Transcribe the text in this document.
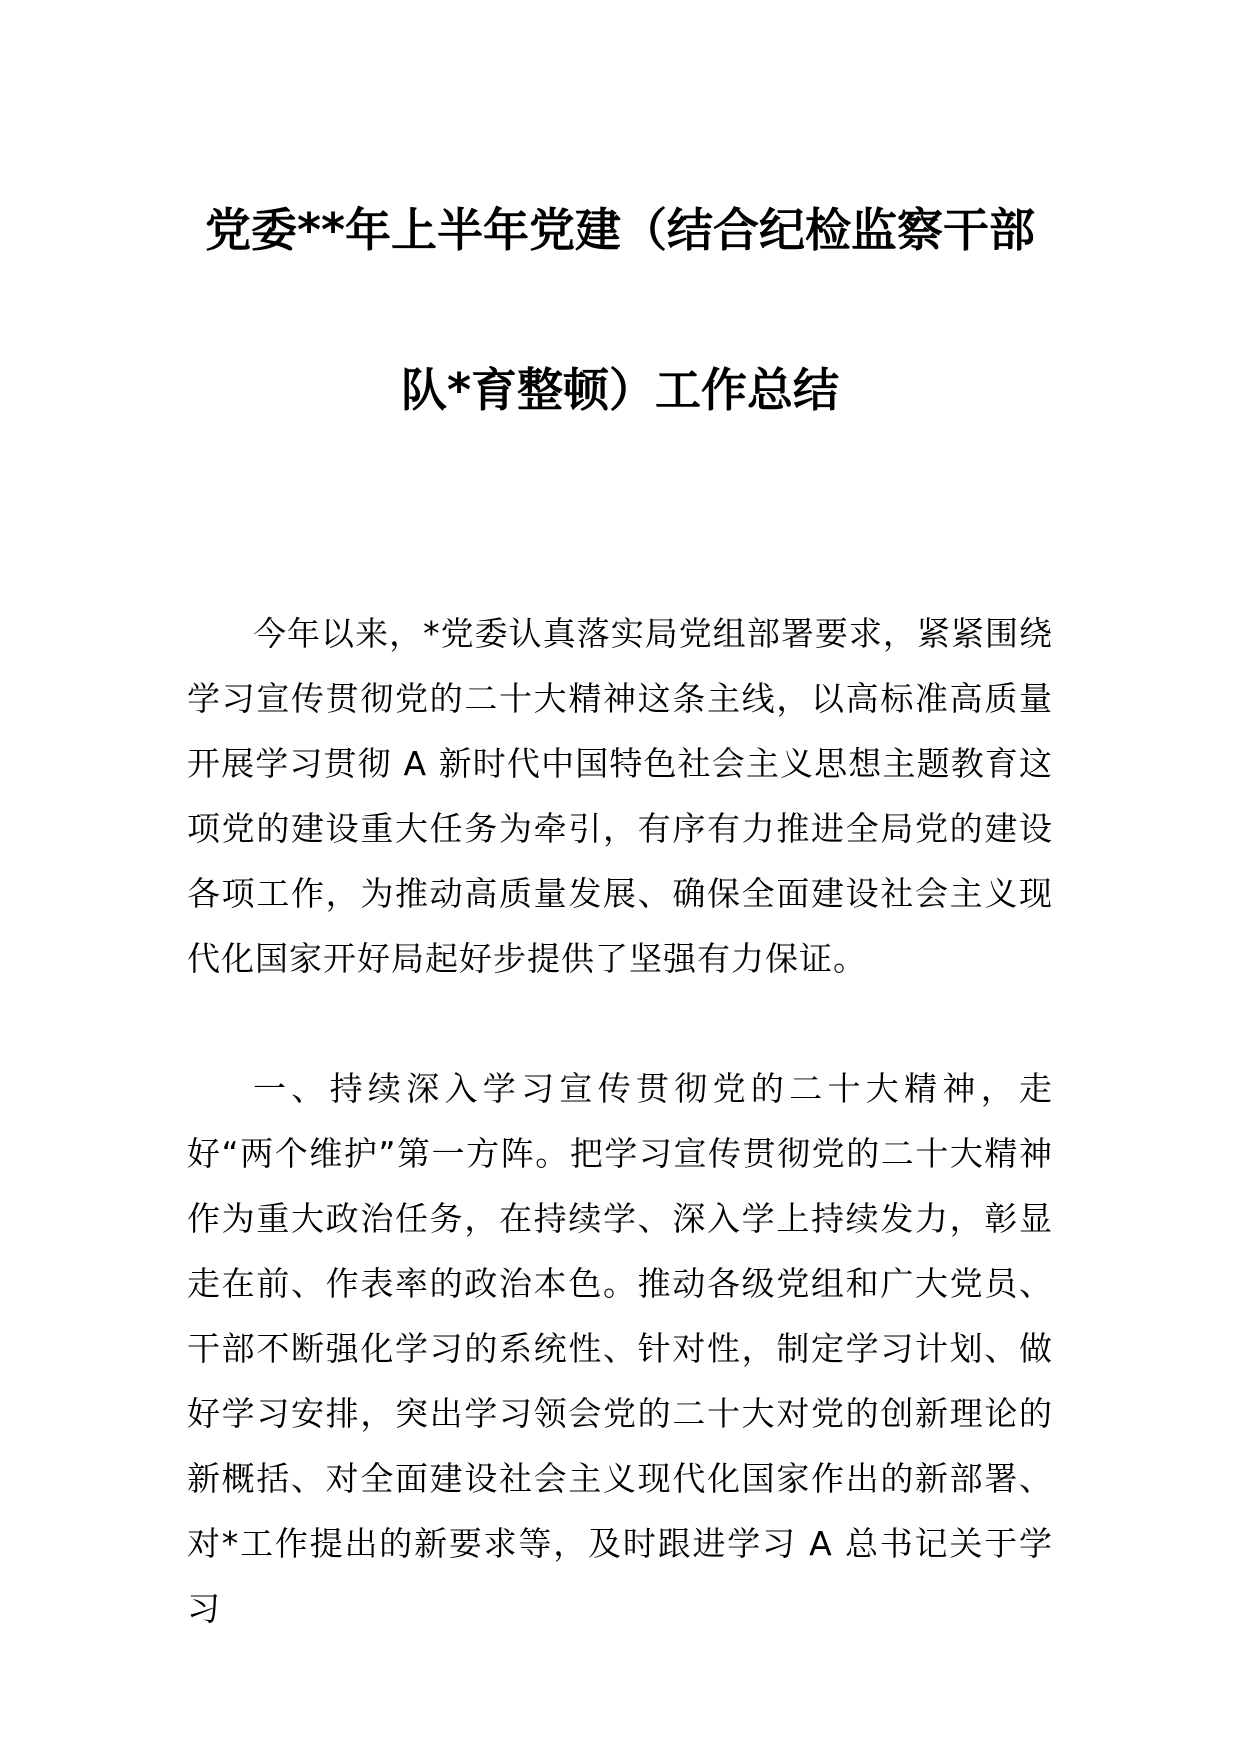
党委**年上半年党建（结合纪检监察干部
队*育整顿）工作总结

今年以来，*党委认真落实局党组部署要求，紧紧围绕学习宣传贯彻党的二十大精神这条主线，以高标准高质量开展学习贯彻 A 新时代中国特色社会主义思想主题教育这项党的建设重大任务为牵引，有序有力推进全局党的建设各项工作，为推动高质量发展、确保全面建设社会主义现代化国家开好局起好步提供了坚强有力保证。

一、持续深入学习宣传贯彻党的二十大精神，走好“两个维护”第一方阵。把学习宣传贯彻党的二十大精神作为重大政治任务，在持续学、深入学上持续发力，彰显走在前、作表率的政治本色。推动各级党组和广大党员、干部不断强化学习的系统性、针对性，制定学习计划、做好学习安排，突出学习领会党的二十大对党的创新理论的新概括、对全面建设社会主义现代化国家作出的新部署、对*工作提出的新要求等，及时跟进学习 A 总书记关于学习
